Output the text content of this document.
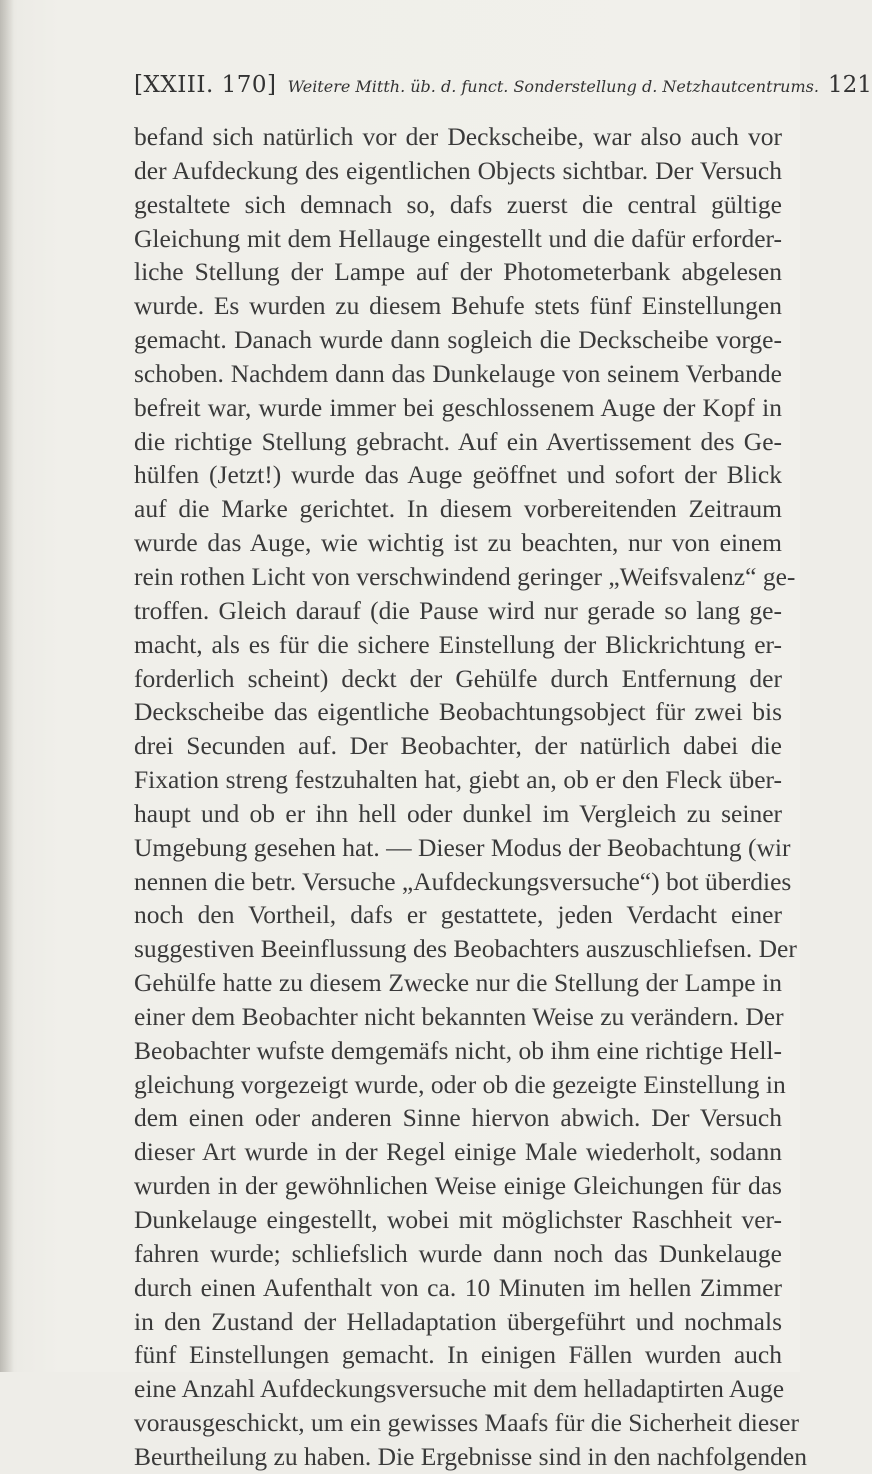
[XXIII. 170] Weitere Mitth. üb. d. funct. Sonderstellung d. Netzhautcentrums. 121
befand sich natürlich vor der Deckscheibe, war also auch vor
der Aufdeckung des eigentlichen Objects sichtbar. Der Versuch
gestaltete sich demnach so, dafs zuerst die central gültige
Gleichung mit dem Hellauge eingestellt und die dafür erforder-
liche Stellung der Lampe auf der Photometerbank abgelesen
wurde. Es wurden zu diesem Behufe stets fünf Einstellungen
gemacht. Danach wurde dann sogleich die Deckscheibe vorge-
schoben. Nachdem dann das Dunkelauge von seinem Verbande
befreit war, wurde immer bei geschlossenem Auge der Kopf in
die richtige Stellung gebracht. Auf ein Avertissement des Ge-
hülfen (Jetzt!) wurde das Auge geöffnet und sofort der Blick
auf die Marke gerichtet. In diesem vorbereitenden Zeitraum
wurde das Auge, wie wichtig ist zu beachten, nur von einem
rein rothen Licht von verschwindend geringer „Weifsvalenz“ ge-
troffen. Gleich darauf (die Pause wird nur gerade so lang ge-
macht, als es für die sichere Einstellung der Blickrichtung er-
forderlich scheint) deckt der Gehülfe durch Entfernung der
Deckscheibe das eigentliche Beobachtungsobject für zwei bis
drei Secunden auf. Der Beobachter, der natürlich dabei die
Fixation streng festzuhalten hat, giebt an, ob er den Fleck über-
haupt und ob er ihn hell oder dunkel im Vergleich zu seiner
Umgebung gesehen hat. — Dieser Modus der Beobachtung (wir
nennen die betr. Versuche „Aufdeckungsversuche“) bot überdies
noch den Vortheil, dafs er gestattete, jeden Verdacht einer
suggestiven Beeinflussung des Beobachters auszuschliefsen. Der
Gehülfe hatte zu diesem Zwecke nur die Stellung der Lampe in
einer dem Beobachter nicht bekannten Weise zu verändern. Der
Beobachter wufste demgemäfs nicht, ob ihm eine richtige Hell-
gleichung vorgezeigt wurde, oder ob die gezeigte Einstellung in
dem einen oder anderen Sinne hiervon abwich. Der Versuch
dieser Art wurde in der Regel einige Male wiederholt, sodann
wurden in der gewöhnlichen Weise einige Gleichungen für das
Dunkelauge eingestellt, wobei mit möglichster Raschheit ver-
fahren wurde; schliefslich wurde dann noch das Dunkelauge
durch einen Aufenthalt von ca. 10 Minuten im hellen Zimmer
in den Zustand der Helladaptation übergeführt und nochmals
fünf Einstellungen gemacht. In einigen Fällen wurden auch
eine Anzahl Aufdeckungsversuche mit dem helladaptirten Auge
vorausgeschickt, um ein gewisses Maafs für die Sicherheit dieser
Beurtheilung zu haben. Die Ergebnisse sind in den nachfolgenden
